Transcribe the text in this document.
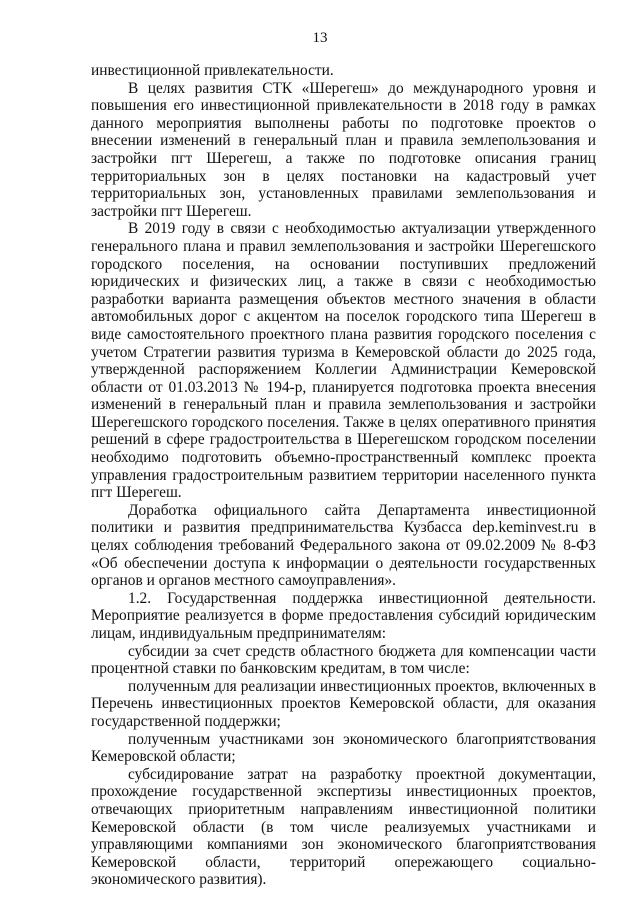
13

инвестиционной привлекательности.

В целях развития СТК «Шерегеш» до международного уровня и повышения его инвестиционной привлекательности в 2018 году в рамках данного мероприятия выполнены работы по подготовке проектов о внесении изменений в генеральный план и правила землепользования и застройки пгт Шерегеш, а также по подготовке описания границ территориальных зон в целях постановки на кадастровый учет территориальных зон, установленных правилами землепользования и застройки пгт Шерегеш.

В 2019 году в связи с необходимостью актуализации утвержденного генерального плана и правил землепользования и застройки Шерегешского городского поселения, на основании поступивших предложений юридических и физических лиц, а также в связи с необходимостью разработки варианта размещения объектов местного значения в области автомобильных дорог с акцентом на поселок городского типа Шерегеш в виде самостоятельного проектного плана развития городского поселения с учетом Стратегии развития туризма в Кемеровской области до 2025 года, утвержденной распоряжением Коллегии Администрации Кемеровской области от 01.03.2013 № 194-р, планируется подготовка проекта внесения изменений в генеральный план и правила землепользования и застройки Шерегешского городского поселения. Также в целях оперативного принятия решений в сфере градостроительства в Шерегешском городском поселении необходимо подготовить объемно-пространственный комплекс проекта управления градостроительным развитием территории населенного пункта пгт Шерегеш.

Доработка официального сайта Департамента инвестиционной политики и развития предпринимательства Кузбасса dep.keminvest.ru в целях соблюдения требований Федерального закона от 09.02.2009 № 8-ФЗ «Об обеспечении доступа к информации о деятельности государственных органов и органов местного самоуправления».

1.2. Государственная поддержка инвестиционной деятельности. Мероприятие реализуется в форме предоставления субсидий юридическим лицам, индивидуальным предпринимателям:

субсидии за счет средств областного бюджета для компенсации части процентной ставки по банковским кредитам, в том числе:

полученным для реализации инвестиционных проектов, включенных в Перечень инвестиционных проектов Кемеровской области, для оказания государственной поддержки;

полученным участниками зон экономического благоприятствования Кемеровской области;

субсидирование затрат на разработку проектной документации, прохождение государственной экспертизы инвестиционных проектов, отвечающих приоритетным направлениям инвестиционной политики Кемеровской области (в том числе реализуемых участниками и управляющими компаниями зон экономического благоприятствования Кемеровской области, территорий опережающего социально-экономического развития).
